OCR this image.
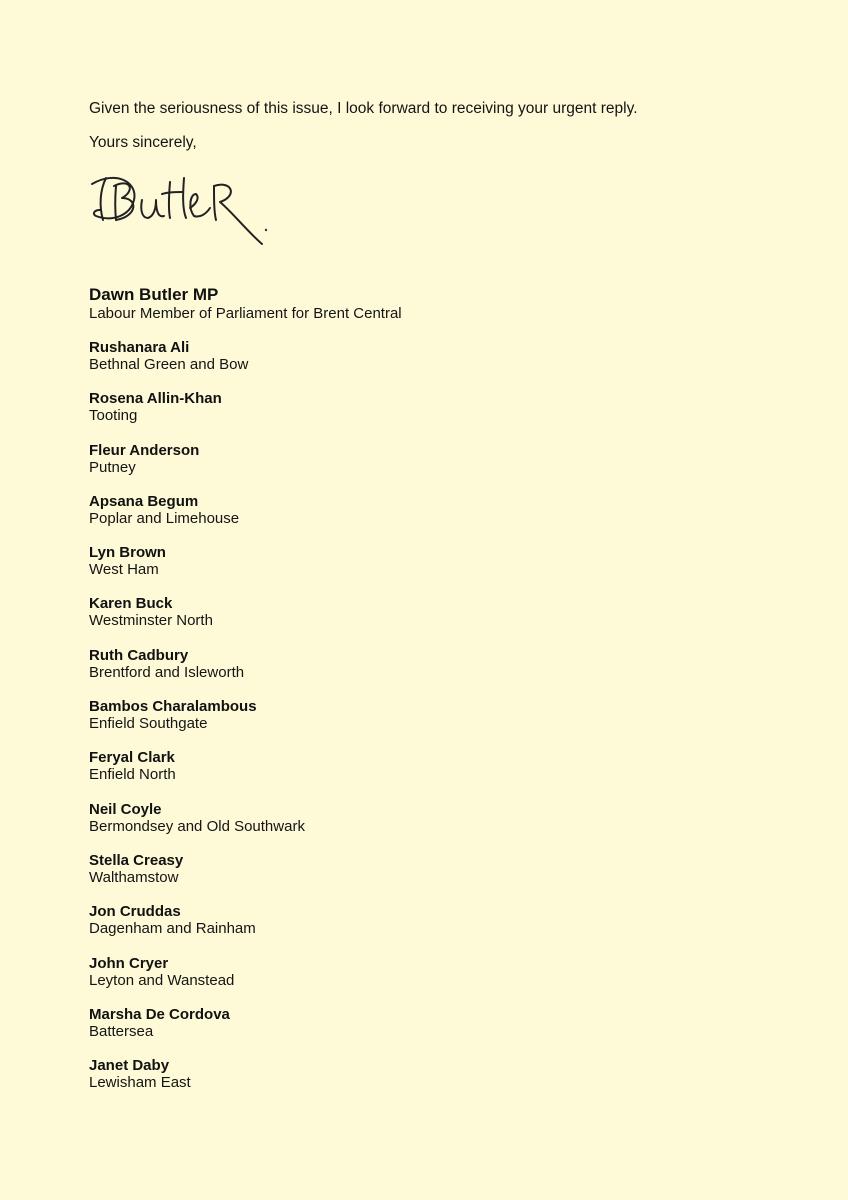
Given the seriousness of this issue, I look forward to receiving your urgent reply.
Yours sincerely,
Dawn Butler MP
Labour Member of Parliament for Brent Central
Rushanara Ali
Bethnal Green and Bow
Rosena Allin-Khan
Tooting
Fleur Anderson
Putney
Apsana Begum
Poplar and Limehouse
Lyn Brown
West Ham
Karen Buck
Westminster North
Ruth Cadbury
Brentford and Isleworth
Bambos Charalambous
Enfield Southgate
Feryal Clark
Enfield North
Neil Coyle
Bermondsey and Old Southwark
Stella Creasy
Walthamstow
Jon Cruddas
Dagenham and Rainham
John Cryer
Leyton and Wanstead
Marsha De Cordova
Battersea
Janet Daby
Lewisham East
